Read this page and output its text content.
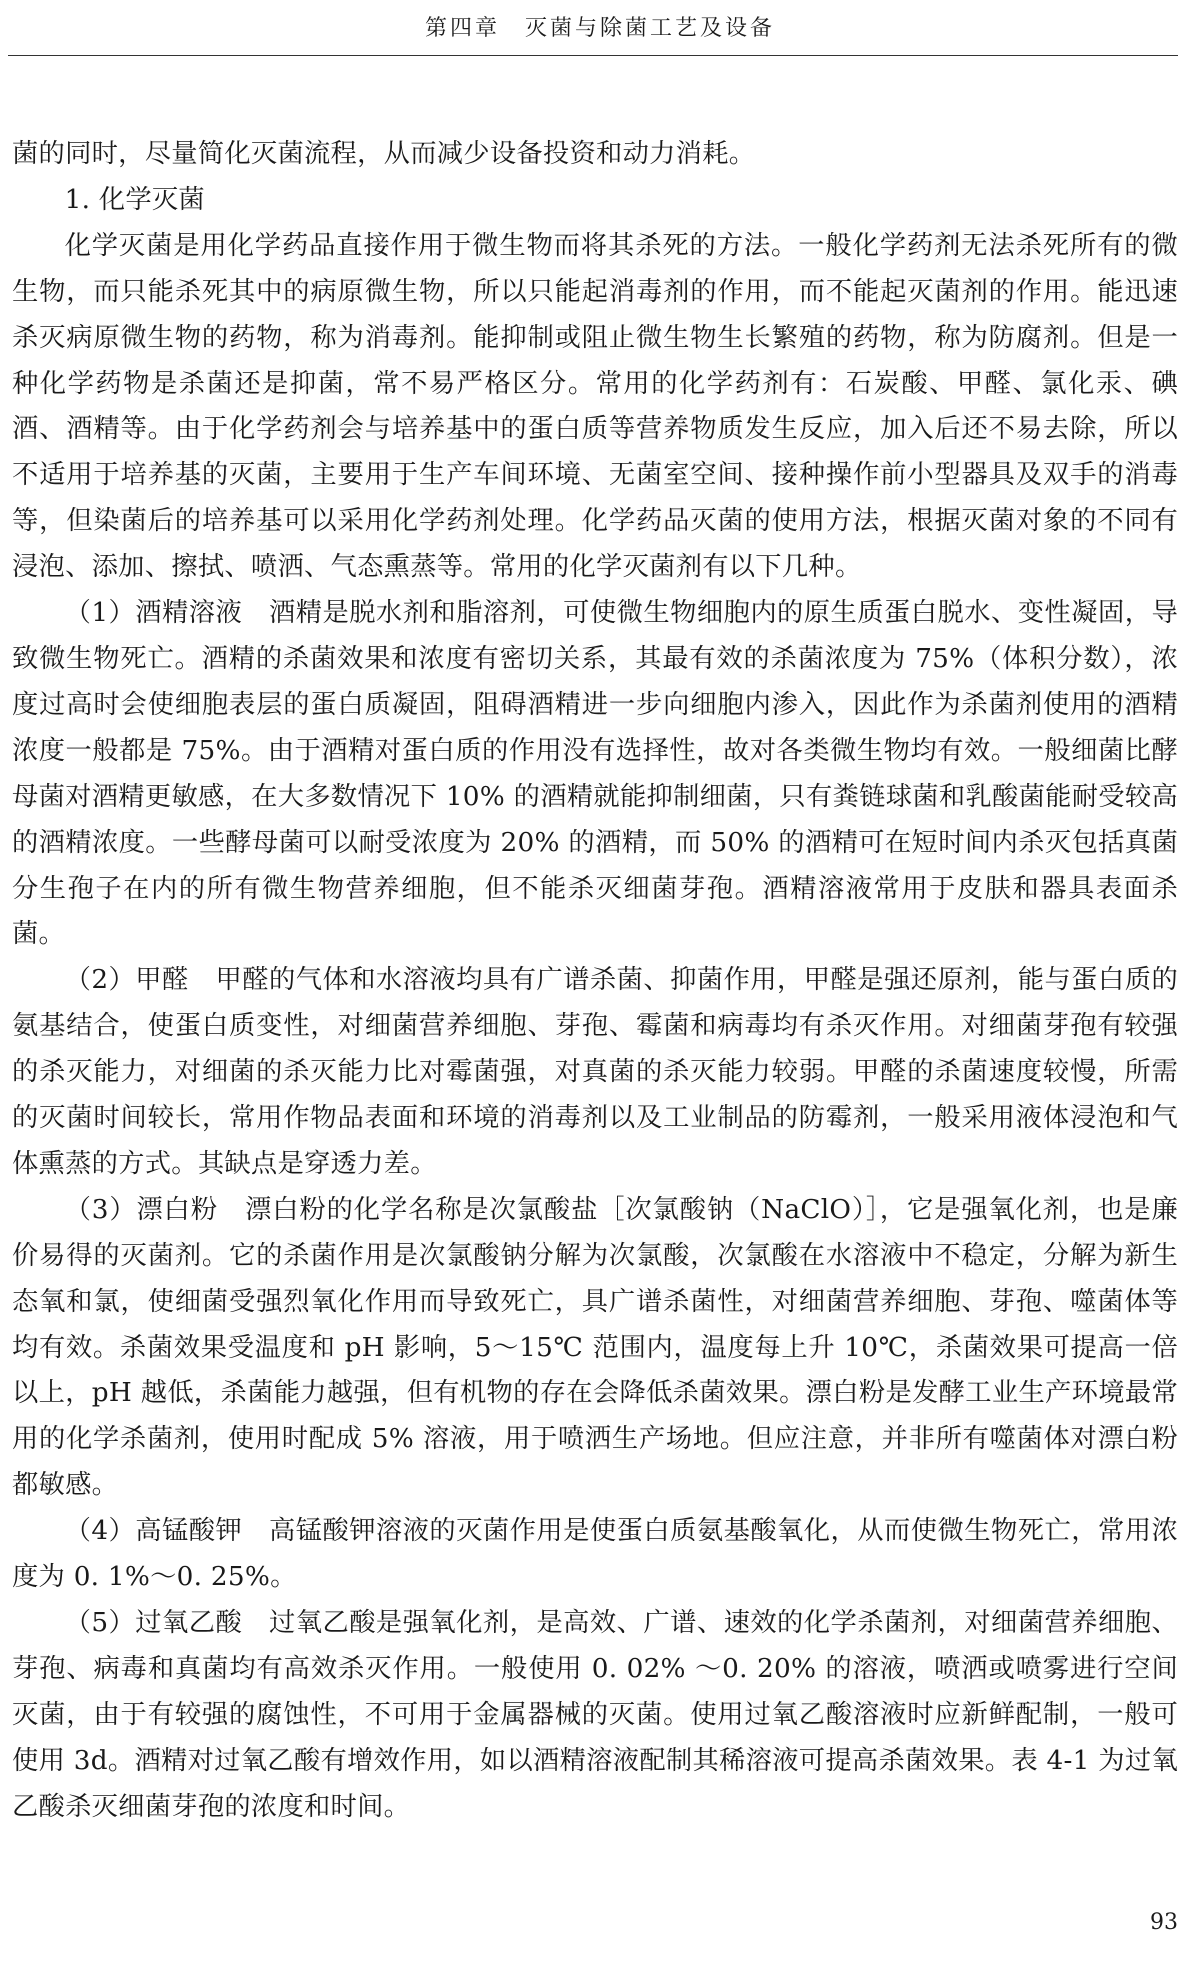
第四章　灭菌与除菌工艺及设备

菌的同时，尽量简化灭菌流程，从而减少设备投资和动力消耗。

1. 化学灭菌

化学灭菌是用化学药品直接作用于微生物而将其杀死的方法。一般化学药剂无法杀死所有的微生物，而只能杀死其中的病原微生物，所以只能起消毒剂的作用，而不能起灭菌剂的作用。能迅速杀灭病原微生物的药物，称为消毒剂。能抑制或阻止微生物生长繁殖的药物，称为防腐剂。但是一种化学药物是杀菌还是抑菌，常不易严格区分。常用的化学药剂有：石炭酸、甲醛、氯化汞、碘酒、酒精等。由于化学药剂会与培养基中的蛋白质等营养物质发生反应，加入后还不易去除，所以不适用于培养基的灭菌，主要用于生产车间环境、无菌室空间、接种操作前小型器具及双手的消毒等，但染菌后的培养基可以采用化学药剂处理。化学药品灭菌的使用方法，根据灭菌对象的不同有浸泡、添加、擦拭、喷洒、气态熏蒸等。常用的化学灭菌剂有以下几种。

（1）酒精溶液　酒精是脱水剂和脂溶剂，可使微生物细胞内的原生质蛋白脱水、变性凝固，导致微生物死亡。酒精的杀菌效果和浓度有密切关系，其最有效的杀菌浓度为 75%（体积分数），浓度过高时会使细胞表层的蛋白质凝固，阻碍酒精进一步向细胞内渗入，因此作为杀菌剂使用的酒精浓度一般都是 75%。由于酒精对蛋白质的作用没有选择性，故对各类微生物均有效。一般细菌比酵母菌对酒精更敏感，在大多数情况下 10% 的酒精就能抑制细菌，只有粪链球菌和乳酸菌能耐受较高的酒精浓度。一些酵母菌可以耐受浓度为 20% 的酒精，而 50% 的酒精可在短时间内杀灭包括真菌分生孢子在内的所有微生物营养细胞，但不能杀灭细菌芽孢。酒精溶液常用于皮肤和器具表面杀菌。

（2）甲醛　甲醛的气体和水溶液均具有广谱杀菌、抑菌作用，甲醛是强还原剂，能与蛋白质的氨基结合，使蛋白质变性，对细菌营养细胞、芽孢、霉菌和病毒均有杀灭作用。对细菌芽孢有较强的杀灭能力，对细菌的杀灭能力比对霉菌强，对真菌的杀灭能力较弱。甲醛的杀菌速度较慢，所需的灭菌时间较长，常用作物品表面和环境的消毒剂以及工业制品的防霉剂，一般采用液体浸泡和气体熏蒸的方式。其缺点是穿透力差。

（3）漂白粉　漂白粉的化学名称是次氯酸盐［次氯酸钠（NaClO）］，它是强氧化剂，也是廉价易得的灭菌剂。它的杀菌作用是次氯酸钠分解为次氯酸，次氯酸在水溶液中不稳定，分解为新生态氧和氯，使细菌受强烈氧化作用而导致死亡，具广谱杀菌性，对细菌营养细胞、芽孢、噬菌体等均有效。杀菌效果受温度和 pH 影响，5～15℃ 范围内，温度每上升 10℃，杀菌效果可提高一倍以上，pH 越低，杀菌能力越强，但有机物的存在会降低杀菌效果。漂白粉是发酵工业生产环境最常用的化学杀菌剂，使用时配成 5% 溶液，用于喷洒生产场地。但应注意，并非所有噬菌体对漂白粉都敏感。

（4）高锰酸钾　高锰酸钾溶液的灭菌作用是使蛋白质氨基酸氧化，从而使微生物死亡，常用浓度为 0. 1%～0. 25%。

（5）过氧乙酸　过氧乙酸是强氧化剂，是高效、广谱、速效的化学杀菌剂，对细菌营养细胞、芽孢、病毒和真菌均有高效杀灭作用。一般使用 0. 02% ～0. 20% 的溶液，喷洒或喷雾进行空间灭菌，由于有较强的腐蚀性，不可用于金属器械的灭菌。使用过氧乙酸溶液时应新鲜配制，一般可使用 3d。酒精对过氧乙酸有增效作用，如以酒精溶液配制其稀溶液可提高杀菌效果。表 4-1 为过氧乙酸杀灭细菌芽孢的浓度和时间。

93
